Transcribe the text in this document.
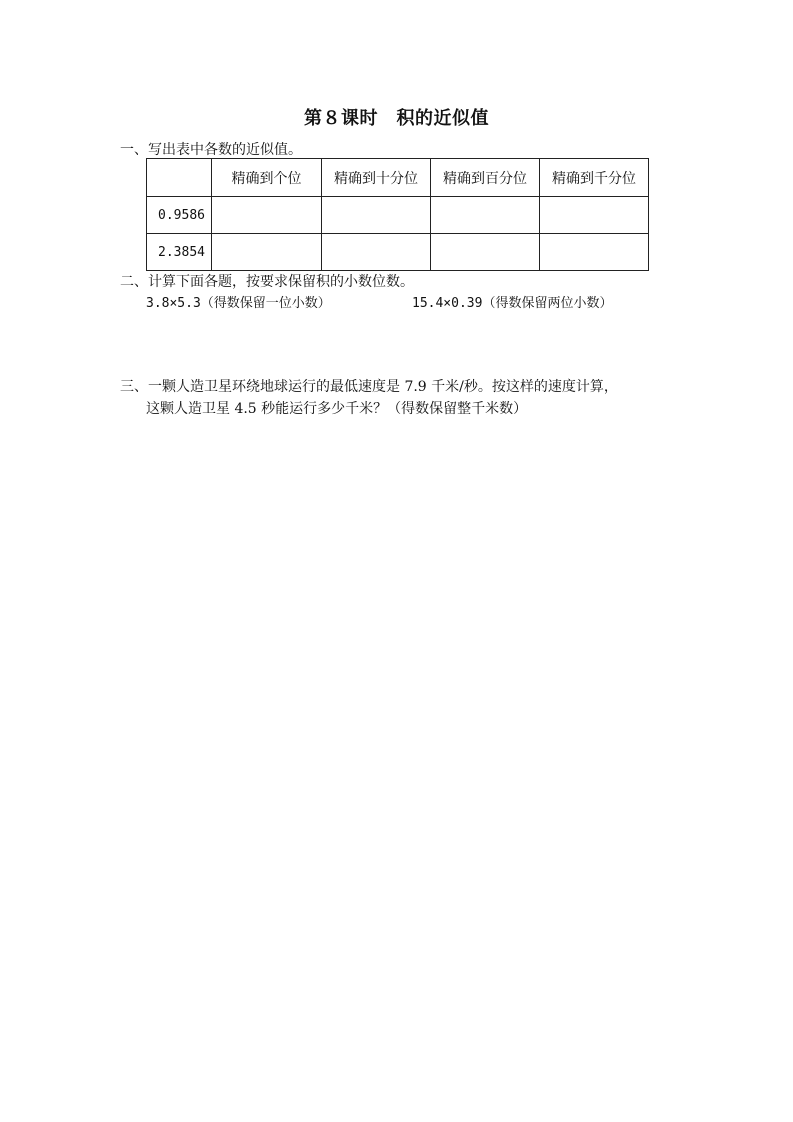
第８课时　积的近似值
一、写出表中各数的近似值。
	精确到个位	精确到十分位	精确到百分位	精确到千分位
0.9586				
2.3854				
二、计算下面各题，按要求保留积的小数位数。
3.8×5.3（得数保留一位小数）	15.4×0.39（得数保留两位小数）
三、一颗人造卫星环绕地球运行的最低速度是 7.9 千米/秒。按这样的速度计算，
这颗人造卫星 4.5 秒能运行多少千米？（得数保留整千米数）
